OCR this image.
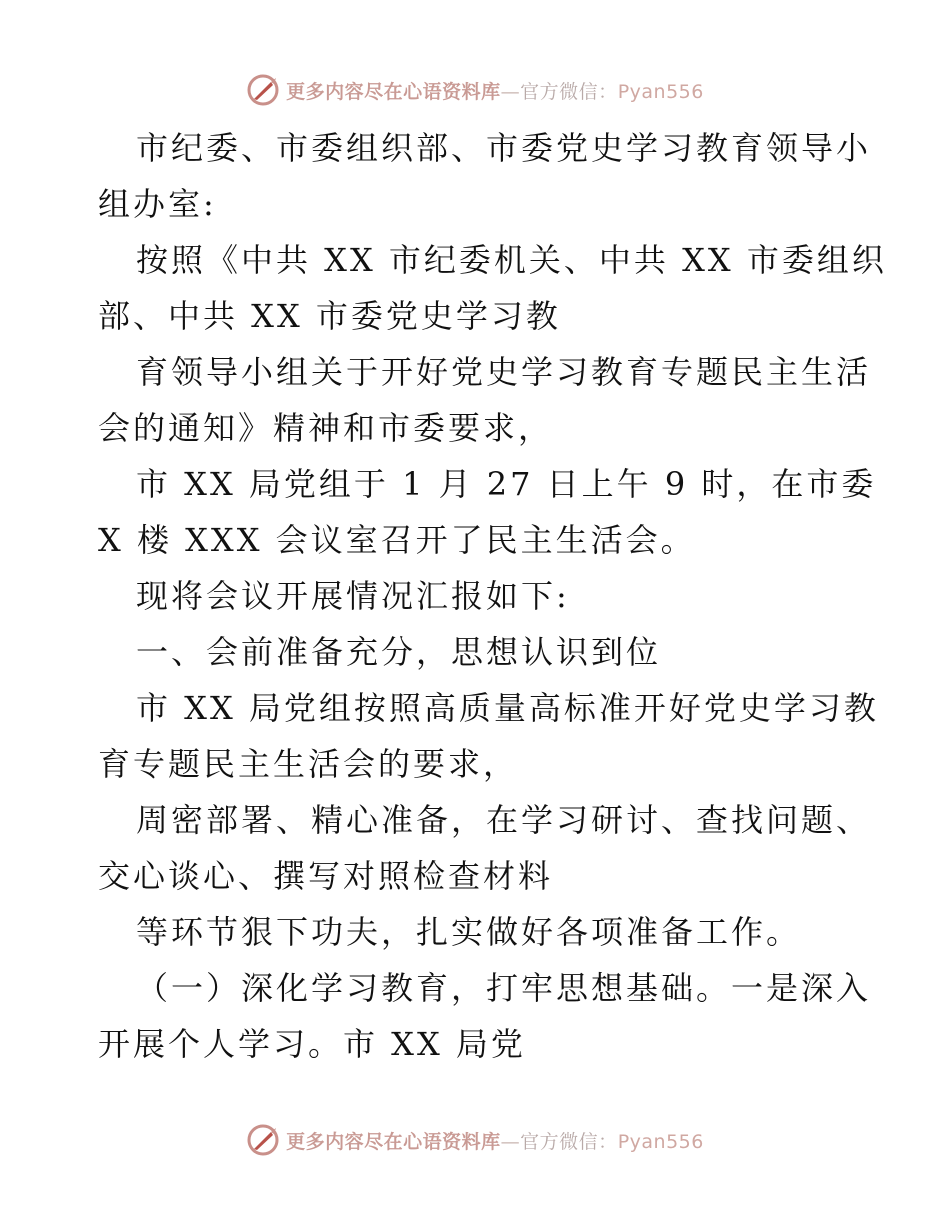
更多内容尽在心语资料库—官方微信：Pyan556
市纪委、市委组织部、市委党史学习教育领导小
组办室:
按照《中共 XX 市纪委机关、中共 XX 市委组织
部、中共 XX 市委党史学习教
育领导小组关于开好党史学习教育专题民主生活
会的通知》精神和市委要求，
市 XX 局党组于 1 月 27 日上午 9 时，在市委
X 楼 XXX 会议室召开了民主生活会。
现将会议开展情况汇报如下:
一、会前准备充分，思想认识到位
市 XX 局党组按照高质量高标准开好党史学习教
育专题民主生活会的要求，
周密部署、精心准备，在学习研讨、查找问题、
交心谈心、撰写对照检查材料
等环节狠下功夫，扎实做好各项准备工作。
（一）深化学习教育，打牢思想基础。一是深入
开展个人学习。市 XX 局党
更多内容尽在心语资料库—官方微信：Pyan556
